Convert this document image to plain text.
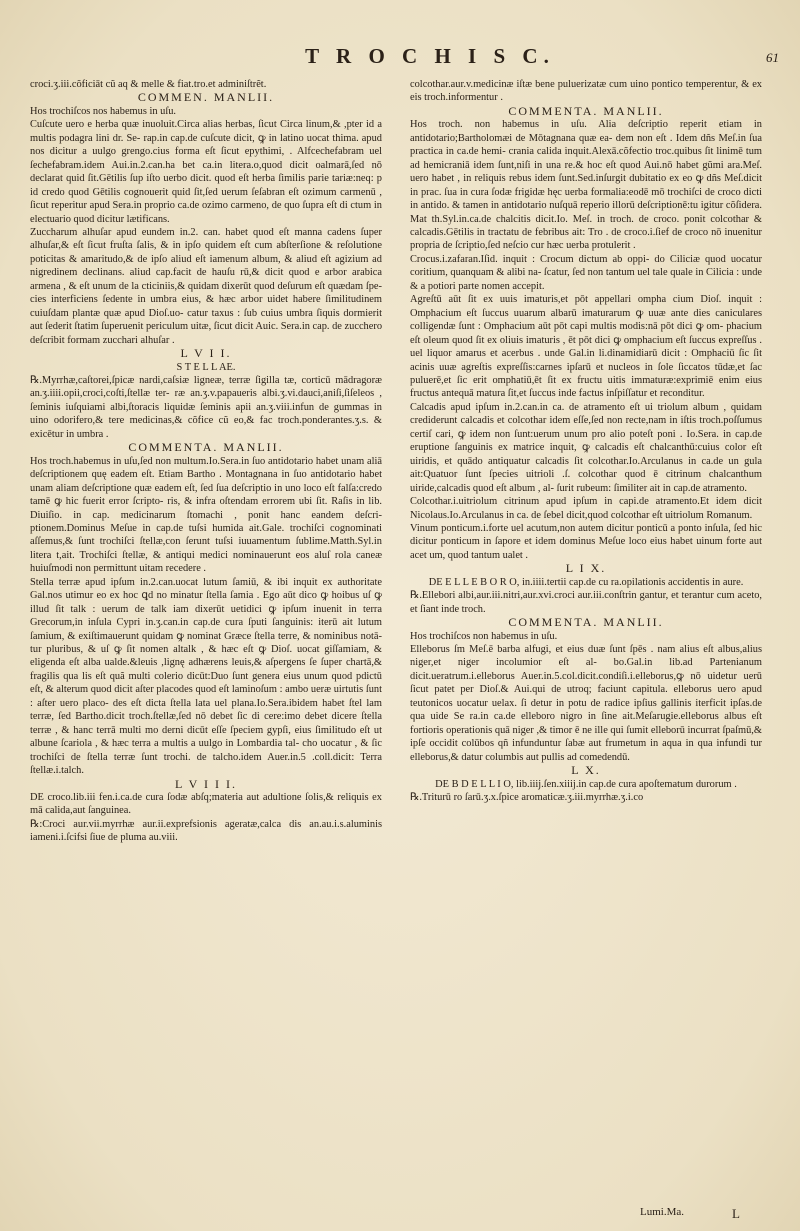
T R O C H I S C.	61

croci.ʒ.iii.cõficiāt cũ aq & melle & fiat.tro.et adminiſtrẽt.

COMMEN. MANLII.

Hos trochiſcos nos habemus in uſu.

Cuſcute uero e herba quæ inuoluit.Circa alias herbas, ſicut Circa linum,& ,pter id a multis podagra lini dr. Se- rap.in cap.de cuſcute dicit, ꝙ in latino uocat thima. apud nos dicitur a uulgo grengo.cius forma eſt ſicut epythimi, . Alfcechefabram uel ſechefabram.idem Aui.in.2.can.ha bet ca.in litera.o,quod dicit oalmarā,ſed nō declarat quid ſit.Gētilis ſup iſto uerbo dicit. quod eſt herba ſimilis parie tariæ:neq: p id credo quod Gētilis cognouerit quid ſit,ſed uerum ſeſabran eſt ozimum carmenū , ſicut reperitur apud Sera.in proprio ca.de ozimo carmeno, de quo ſupra eſt di ctum in electuario quod dicitur lætificans.

Zuccharum alhuſar apud eundem in.2. can. habet quod eſt manna cadens ſuper alhuſar,& eſt ſicut fruſta ſalis, & in ipſo quidem eſt cum abſterſione & reſolutione poticitas & amaritudo,& de ipſo aliud eſt iamenum album, & aliud eſt agizium ad nigredinem declinans. aliud cap.facit de hauſu rū,& dicit quod e arbor arabica armena , & eſt unum de la cticiniis,& quidam dixerūt quod deſurum eſt quædam ſpe- cies interficiens ſedente in umbra eius, & hæc arbor uidet habere ſimilitudinem cuiuſdam plantæ quæ apud Dioſ.uo- catur taxus : ſub cuius umbra ſiquis dormierit aut ſederit ſtatim ſuperuenit periculum uitæ, ſicut dicit Auic. Sera.in cap. de zucchero deſcribit formam zucchari alhuſar .

L V I I.

S T E L L AE.

℞.Myrrhæ,caſtorei,ſpicæ nardi,caſsiæ ligneæ, terræ ſigilla tæ, corticū mādragoræ an.ʒ.iiii.opii,croci,coſti,ſtellæ ter- ræ an.ʒ.v.papaueris albi.ʒ.vi.dauci,aniſi,ſiſeleos , ſeminis iuſquiami albi,ſtoracis liquidæ ſeminis apii an.ʒ.viii.infun de gummas in uino odorifero,& tere medicinas,& cõfice cũ eo,& fac troch.ponderantes.ʒ.s. & exicētur in umbra .

COMMENTA. MANLII.

Hos troch.habemus in uſu,ſed non multum.Io.Sera.in ſuo antidotario habet unam aliā deſcriptionem quę eadem eſt. Etiam Bartho . Montagnana in ſuo antidotario habet unam aliam deſcriptione quæ eadem eſt, ſed ſua deſcriptio in uno loco eſt falſa:credo tamē ꝙ hic fuerit error ſcripto- ris, & infra oſtendam errorem ubi ſit. Raſis in lib. Diuiſio. in cap. medicinarum ſtomachi , ponit hanc eandem deſcri- ptionem.Dominus Meſue in cap.de tuſsi humida ait.Gale. trochiſci cognominati aſſemus,& ſunt trochiſci ſtellæ,con ſerunt tuſsi iuuamentum ſublime.Matth.Syl.in litera t,ait. Trochiſci ſtellæ, & antiqui medici nominauerunt eos aluſ rola caneæ huiuſmodi non permittunt uitam recedere .

Stella terræ apud ipſum in.2.can.uocat lutum ſamiū, & ibi inquit ex authoritate Gal.nos utimur eo ex hoc ꝗd no minatur ſtella ſamia . Ego aūt dico ꝙ hoibus uſ ꝙ illud ſit talk : uerum de talk iam dixerūt uetidici ꝙ ipſum inuenit in terra Grecorum,in inſula Cypri in.ʒ.can.in cap.de cura ſputi ſanguinis: iterū ait lutum ſamium, & exiſtimauerunt quidam ꝙ nominat Græce ſtella terre, & nominibus notā- tur pluribus, & uſ ꝙ ſit nomen altalk , & hæc eſt ꝙ Dioſ. uocat giſſamiam, & eligenda eſt alba ualde.&leuis ,lignę adhærens leuis,& aſpergens ſe ſuper chartā,& fragilis qua lis eſt quã multi colerio dicūt:Duo ſunt genera eius unum quod pdictū eſt, & alterum quod dicit aſter placodes quod eſt laminoſum : ambo ueræ uirtutis ſunt : aſter uero placo- des eſt dicta ſtella lata uel plana.Io.Sera.ibidem habet ſtel lam terræ, ſed Bartho.dicit troch.ſtellæ,ſed nō debet ſic di cere:imo debet dicere ſtella terræ , & hanc terrā multi mo derni dicūt eſſe ſpeciem gypſi, eius ſimilitudo eſt ut albune ſcariola , & hæc terra a multis a uulgo in Lombardia tal- cho uocatur , & ſic trochiſci de ſtella terræ ſunt trochi. de talcho.idem Auer.in.5 .coll.dicit: Terra ſtellæ.i.talch.

L V I I I.

DE croco.lib.iii fen.i.ca.de cura ſodæ abſq;materia aut adultione ſolis,& reliquis ex mā calida,aut ſanguinea.

℞:Croci aur.vii.myrrhæ aur.ii.exprefsionis ageratæ,calca dis an.au.i.s.aluminis iameni.i.ſcifsi ſiue de pluma au.viii.

colcothar.aur.v.medicinæ iſtæ bene puluerizatæ cum uino pontico temperentur, & ex eis troch.informentur .

COMMENTA. MANLII.

Hos troch. non habemus in uſu. Alia deſcriptio reperit etiam in antidotario;Bartholomæi de Mōtagnana quæ ea- dem non eſt . Idem dñs Meſ.in ſua practica in ca.de hemi- crania calida inquit.Alexā.cõfectio troc.quibus ſit linimē tum ad hemicraniā idem ſunt,niſi in una re.& hoc eſt quod Aui.nō habet gũmi ara.Meſ. uero habet , in reliquis rebus idem ſunt.Sed.inſurgit dubitatio ex eo ꝙ dñs Meſ.dicit in prac. ſua in cura ſodæ frigidæ hęc uerba formalia:eodē mō trochiſci de croco dicti in antido. & tamen in antidotario nuſquā reperio illorū deſcriptionē:tu igitur cõſidera. Mat th.Syl.in.ca.de chalcitis dicit.Io. Meſ. in troch. de croco. ponit colcothar & calcadis.Gētilis in tractatu de febribus ait: Tro . de croco.i.ſief de croco nō inuenitur propria de ſcriptio,ſed neſcio cur hæc uerba protulerit .

Crocus.i.zafaran.Iſid. inquit : Crocum dictum ab oppi- do Ciliciæ quod uocatur coritium, quanquam & alibi na- ſcatur, ſed non tantum uel tale quale in Cilicia : unde & a potiori parte nomen accepit.

Agreſtū aūt ſit ex uuis imaturis,et pōt appellari ompha cium Dioſ. inquit : Omphacium eſt ſuccus uuarum albarū imaturarum ꝙ uuæ ante dies caniculares colligendæ ſunt : Omphacium aūt pōt capi multis modis:nā pōt dici ꝙ om- phacium eſt oleum quod ſit ex oliuis imaturis , ēt pōt dici ꝙ omphacium eſt ſuccus expreſſus . uel liquor amarus et acerbus . unde Gal.in li.dinamidiarū dicit : Omphaciū ſic ſit acinis uuæ agreſtis expreſſis:carnes ipſarū et nucleos in ſole ſiccatos tūdæ,et ſac puluerē,et ſic erit omphatiū,ēt ſit ex fructu uitis immaturæ:exprimiē enim eius fructus antequā matura ſit,et ſuccus inde factus inſpiſſatur et reconditur.

Calcadis apud ipſum in.2.can.in ca. de atramento eſt ui triolum album , quidam crediderunt calcadis et colcothar idem eſſe,ſed non recte,nam in iſtis troch.poſſumus certiſ cari, ꝙ idem non ſunt:uerum unum pro alio poteſt poni . Io.Sera. in cap.de eruptione ſanguinis ex matrice inquit, ꝙ calcadis eſt chalcanthū:cuius color eſt uiridis, et quādo antiquatur calcadis ſit colcothar.Io.Arculanus in ca.de un gula ait:Quatuor ſunt ſpecies uitrioli .ſ. colcothar quod ē citrinum chalcanthum uiride,calcadis quod eſt album , al- ſurit rubeum: ſimiliter ait in cap.de atramento.

Colcothar.i.uitriolum citrinum apud ipſum in capi.de atramento.Et idem dicit Nicolaus.Io.Arculanus in ca. de ſebel dicit,quod colcothar eſt uitriolum Romanum.

Vinum ponticum.i.forte uel acutum,non autem dicitur ponticū a ponto inſula, ſed hic dicitur ponticum in ſapore et idem dominus Meſue loco eius habet uinum forte aut acet um, quod tantum ualet .

L I X.

DE E L L E B O R O, in.iiii.tertii cap.de cu ra.opilationis accidentis in aure.

℞.Ellebori albi,aur.iii.nitri,aur.xvi.croci aur.iii.conſtrin gantur, et terantur cum aceto, et ſiant inde troch.

COMMENTA. MANLII.

Hos trochiſcos non habemus in uſu.

Elleborus ſm Meſ.ē barba alfugi, et eius duæ ſunt ſpēs . nam alius eſt albus,alius niger,et niger incolumior eſt al- bo.Gal.in lib.ad Partenianum dicit.ueratrum.i.elleborus Auer.in.5.col.dicit.condiſi.i.elleborus,ꝙ nō uidetur uerū ſicut patet per Dioſ.& Aui.qui de utroq; faciunt capitula. elleborus uero apud teutonicos uocatur uelax. ſi detur in potu de radice ipſius gallinis iterficit ipſas.de qua uide Se ra.in ca.de elleboro nigro in ſine ait.Meſarugie.elleborus albus eſt fortioris operationis quā niger ,& timor ē ne ille qui ſumit elleborū incurrat ſpaſmū,& ipſe occidit colūbos qñ infunduntur ſabæ aut frumetum in aqua in qua infundi tur elleborus,& datur columbis aut pullis ad comedendū.

L X.

DE B D E L L I O, lib.iiij.ſen.xiiij.in cap.de cura apoſtematum durorum .

℞.Triturū ro ſarū.ʒ.x.ſpice aromaticæ.ʒ.iii.myrrhæ.ʒ.i.co

Lumi.Ma.	L
